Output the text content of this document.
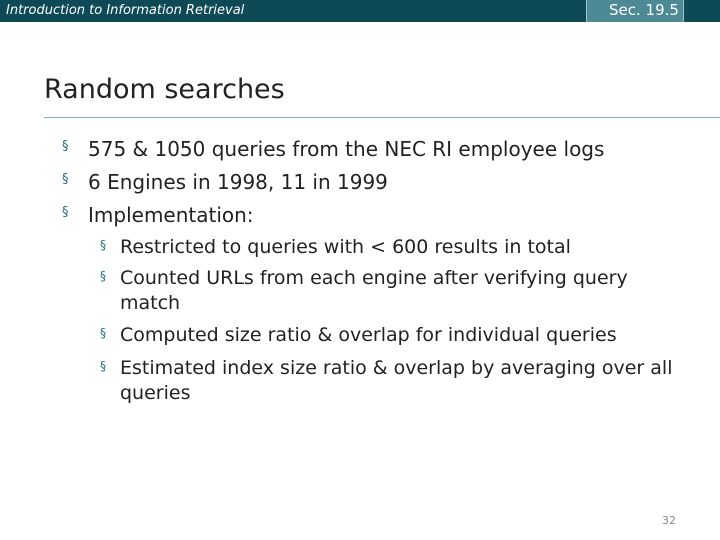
Introduction to Information Retrieval	Sec. 19.5
Random searches
§ 575 & 1050 queries from the NEC RI employee logs
§ 6 Engines in 1998, 11 in 1999
§ Implementation:
§ Restricted to queries with < 600 results in total
§ Counted URLs from each engine after verifying query
match
§ Computed size ratio & overlap for individual queries
§ Estimated index size ratio & overlap by averaging over all
queries
32
